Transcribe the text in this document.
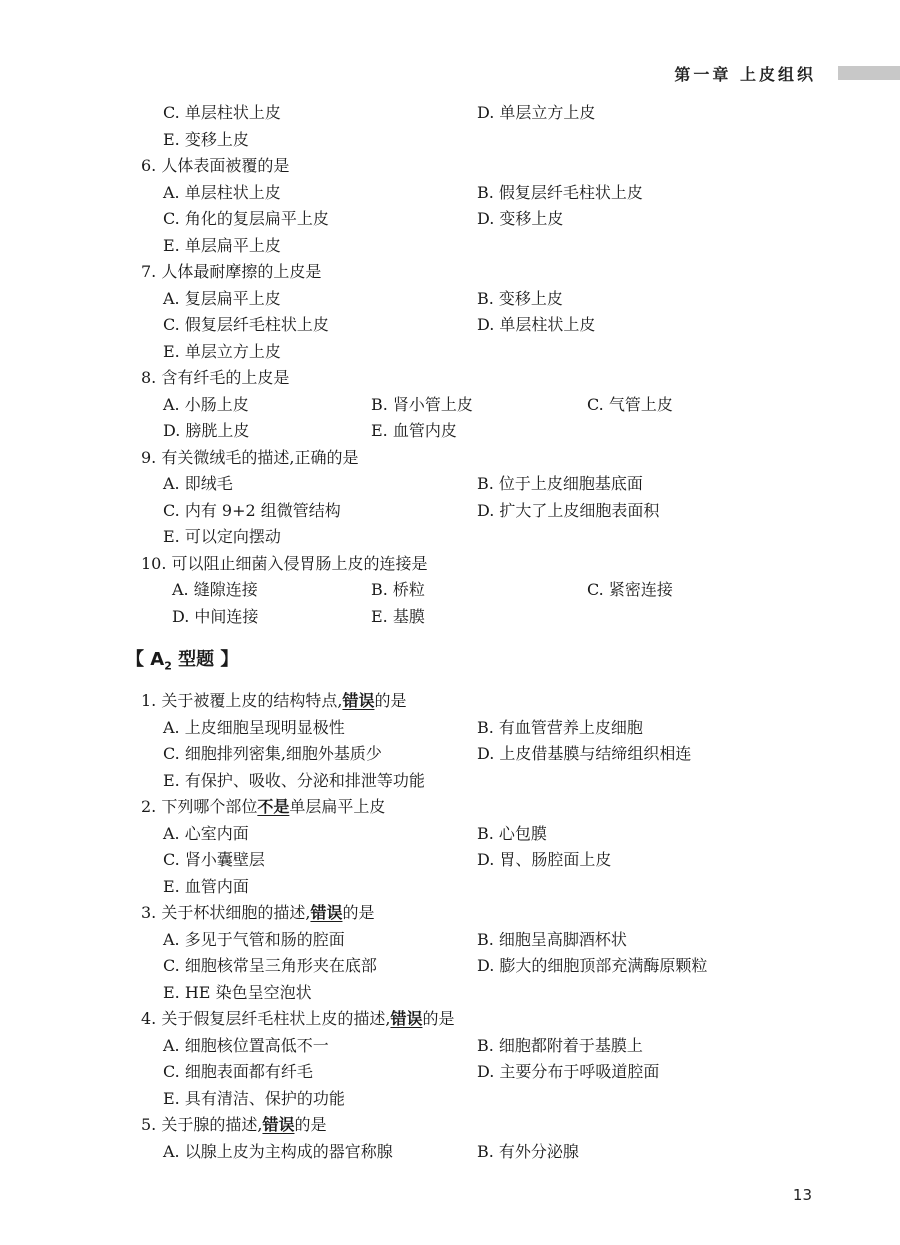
第一章 上皮组织
C. 单层柱状上皮	D. 单层立方上皮
E. 变移上皮
6. 人体表面被覆的是
A. 单层柱状上皮	B. 假复层纤毛柱状上皮
C. 角化的复层扁平上皮	D. 变移上皮
E. 单层扁平上皮
7. 人体最耐摩擦的上皮是
A. 复层扁平上皮	B. 变移上皮
C. 假复层纤毛柱状上皮	D. 单层柱状上皮
E. 单层立方上皮
8. 含有纤毛的上皮是
A. 小肠上皮	B. 肾小管上皮	C. 气管上皮
D. 膀胱上皮	E. 血管内皮
9. 有关微绒毛的描述,正确的是
A. 即绒毛	B. 位于上皮细胞基底面
C. 内有 9+2 组微管结构	D. 扩大了上皮细胞表面积
E. 可以定向摆动
10. 可以阻止细菌入侵胃肠上皮的连接是
A. 缝隙连接	B. 桥粒	C. 紧密连接
D. 中间连接	E. 基膜
【 $A_2$ 型题 】
1. 关于被覆上皮的结构特点,错误的是
A. 上皮细胞呈现明显极性	B. 有血管营养上皮细胞
C. 细胞排列密集,细胞外基质少	D. 上皮借基膜与结缔组织相连
E. 有保护、吸收、分泌和排泄等功能
2. 下列哪个部位不是单层扁平上皮
A. 心室内面	B. 心包膜
C. 肾小囊壁层	D. 胃、肠腔面上皮
E. 血管内面
3. 关于杯状细胞的描述,错误的是
A. 多见于气管和肠的腔面	B. 细胞呈高脚酒杯状
C. 细胞核常呈三角形夹在底部	D. 膨大的细胞顶部充满酶原颗粒
E. HE 染色呈空泡状
4. 关于假复层纤毛柱状上皮的描述,错误的是
A. 细胞核位置高低不一	B. 细胞都附着于基膜上
C. 细胞表面都有纤毛	D. 主要分布于呼吸道腔面
E. 具有清洁、保护的功能
5. 关于腺的描述,错误的是
A. 以腺上皮为主构成的器官称腺	B. 有外分泌腺
13
